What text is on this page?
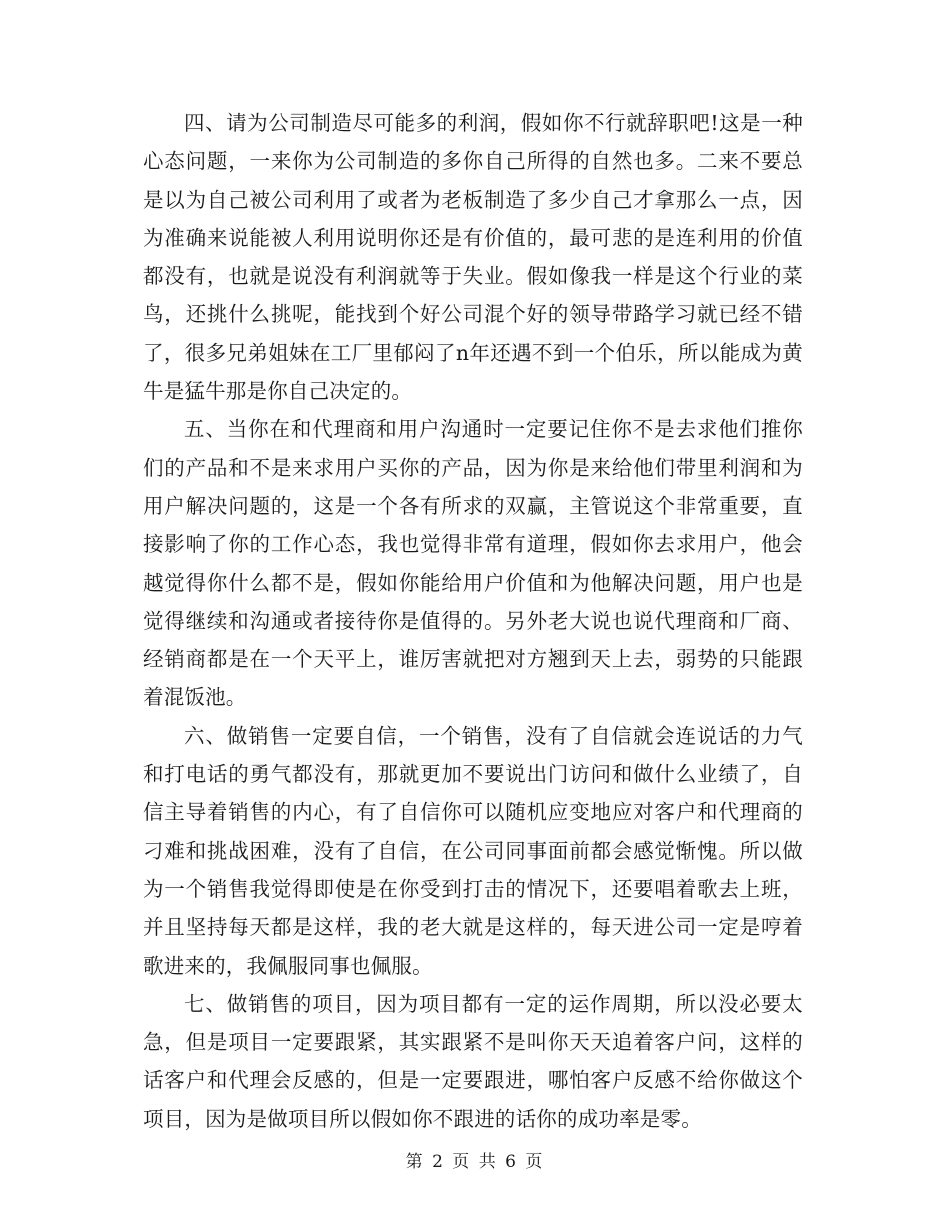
四、请为公司制造尽可能多的利润，假如你不行就辞职吧!这是一种心态问题，一来你为公司制造的多你自己所得的自然也多。二来不要总是以为自己被公司利用了或者为老板制造了多少自己才拿那么一点，因为准确来说能被人利用说明你还是有价值的，最可悲的是连利用的价值都没有，也就是说没有利润就等于失业。假如像我一样是这个行业的菜鸟，还挑什么挑呢，能找到个好公司混个好的领导带路学习就已经不错了，很多兄弟姐妹在工厂里郁闷了n年还遇不到一个伯乐，所以能成为黄牛是猛牛那是你自己决定的。

五、当你在和代理商和用户沟通时一定要记住你不是去求他们推你们的产品和不是来求用户买你的产品，因为你是来给他们带里利润和为用户解决问题的，这是一个各有所求的双赢，主管说这个非常重要，直接影响了你的工作心态，我也觉得非常有道理，假如你去求用户，他会越觉得你什么都不是，假如你能给用户价值和为他解决问题，用户也是觉得继续和沟通或者接待你是值得的。另外老大说也说代理商和厂商、经销商都是在一个天平上，谁厉害就把对方翘到天上去，弱势的只能跟着混饭池。

六、做销售一定要自信，一个销售，没有了自信就会连说话的力气和打电话的勇气都没有，那就更加不要说出门访问和做什么业绩了，自信主导着销售的内心，有了自信你可以随机应变地应对客户和代理商的刁难和挑战困难，没有了自信，在公司同事面前都会感觉惭愧。所以做为一个销售我觉得即使是在你受到打击的情况下，还要唱着歌去上班，并且坚持每天都是这样，我的老大就是这样的，每天进公司一定是哼着歌进来的，我佩服同事也佩服。

七、做销售的项目，因为项目都有一定的运作周期，所以没必要太急，但是项目一定要跟紧，其实跟紧不是叫你天天追着客户问，这样的话客户和代理会反感的，但是一定要跟进，哪怕客户反感不给你做这个项目，因为是做项目所以假如你不跟进的话你的成功率是零。

第 2 页 共 6 页
